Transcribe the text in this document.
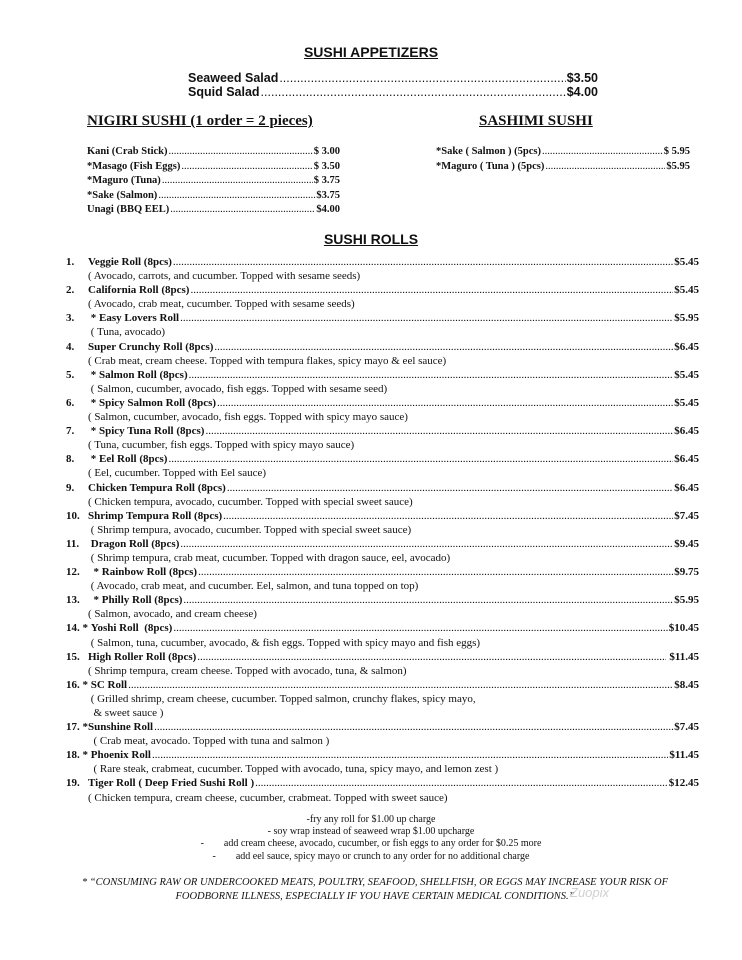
SUSHI APPETIZERS
Seaweed Salad .....	$3.50
Squid Salad .....	$4.00
NIGIRI SUSHI (1 order = 2 pieces)	SASHIMI SUSHI
Kani (Crab Stick) .....	$ 3.00
*Masago (Fish Eggs) .....	$ 3.50
*Maguro (Tuna) .....	$ 3.75
*Sake (Salmon) .....	$3.75
Unagi (BBQ EEL) .....	$4.00
*Sake ( Salmon ) (5pcs) .....	$ 5.95
*Maguro ( Tuna ) (5pcs) .....	$5.95
SUSHI ROLLS
1.	Veggie Roll (8pcs) .....	$5.45
( Avocado, carrots, and cucumber. Topped with sesame seeds)
2.	California Roll (8pcs) .....	$5.45
( Avocado, crab meat, cucumber. Topped with sesame seeds)
3.	* Easy Lovers Roll .....	$5.95
( Tuna, avocado)
4.	Super Crunchy Roll (8pcs) .....	$6.45
( Crab meat, cream cheese. Topped with tempura flakes, spicy mayo & eel sauce)
5.	* Salmon Roll (8pcs) .....	$5.45
( Salmon, cucumber, avocado, fish eggs. Topped with sesame seed)
6.	* Spicy Salmon Roll (8pcs) .....	$5.45
( Salmon, cucumber, avocado, fish eggs. Topped with spicy mayo sauce)
7.	* Spicy Tuna Roll (8pcs) .....	$6.45
( Tuna, cucumber, fish eggs. Topped with spicy mayo sauce)
8.	* Eel Roll (8pcs) .....	$6.45
( Eel, cucumber. Topped with Eel sauce)
9.	Chicken Tempura Roll (8pcs) .....	$6.45
( Chicken tempura, avocado, cucumber. Topped with special sweet sauce)
10. Shrimp Tempura Roll (8pcs) .....	$7.45
( Shrimp tempura, avocado, cucumber. Topped with special sweet sauce)
11. Dragon Roll (8pcs) .....	$9.45
( Shrimp tempura, crab meat, cucumber. Topped with dragon sauce, eel, avocado)
12. * Rainbow Roll (8pcs) .....	$9.75
( Avocado, crab meat, and cucumber. Eel, salmon, and tuna topped on top)
13. * Philly Roll (8pcs) .....	$5.95
( Salmon, avocado, and cream cheese)
14. * Yoshi Roll  (8pcs) .....	$10.45
( Salmon, tuna, cucumber, avocado, & fish eggs. Topped with spicy mayo and fish eggs)
15. High Roller Roll (8pcs) .....	$11.45
( Shrimp tempura, cream cheese. Topped with avocado, tuna, & salmon)
16. * SC Roll .....	$8.45
( Grilled shrimp, cream cheese, cucumber. Topped salmon, crunchy flakes, spicy mayo,
& sweet sauce )
17. * Sunshine Roll .....	$7.45
( Crab meat, avocado. Topped with tuna and salmon )
18. * Phoenix Roll .....	$11.45
( Rare steak, crabmeat, cucumber. Topped with avocado, tuna, spicy mayo, and lemon zest )
19. Tiger Roll ( Deep Fried Sushi Roll ) .....	$12.45
( Chicken tempura, cream cheese, cucumber, crabmeat. Topped with sweet sauce)
-fry any roll for $1.00 up charge
- soy wrap instead of seaweed wrap $1.00 upcharge
-        add cream cheese, avocado, cucumber, or fish eggs to any order for $0.25 more
-        add eel sauce, spicy mayo or crunch to any order for no additional charge
* “CONSUMING RAW OR UNDERCOOKED MEATS, POULTRY, SEAFOOD, SHELLFISH, OR EGGS MAY INCREASE YOUR RISK OF
FOODBORNE ILLNESS, ESPECIALLY IF YOU HAVE CERTAIN MEDICAL CONDITIONS.”
Zuopix
